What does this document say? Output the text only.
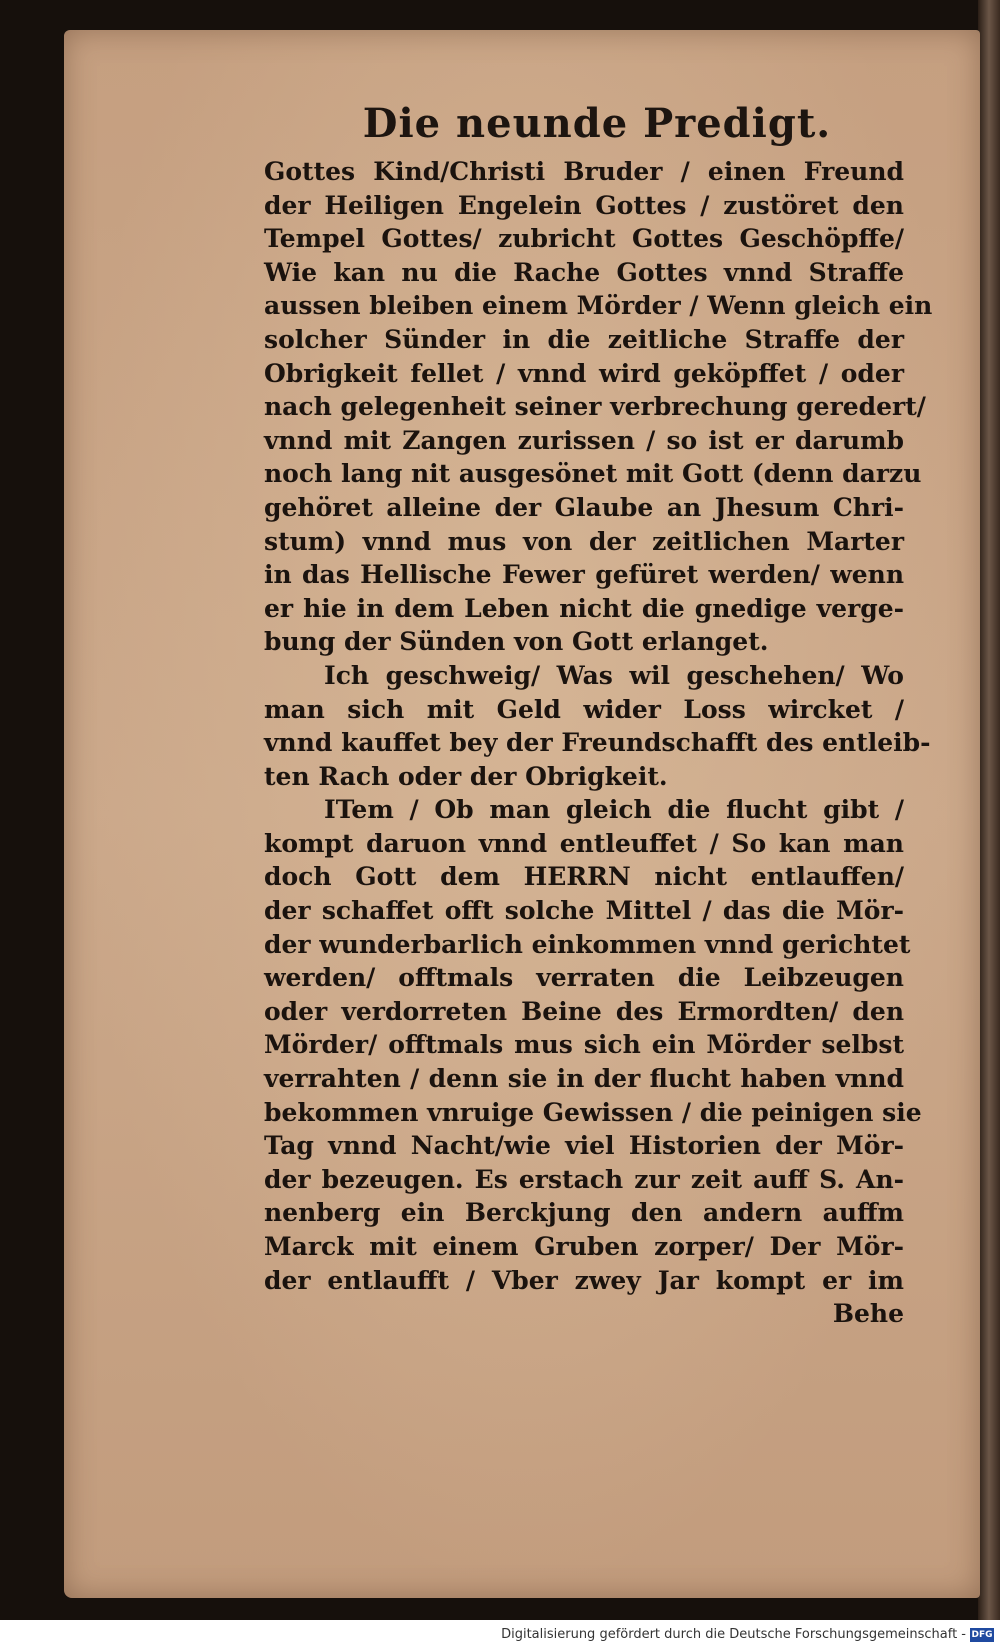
Die neunde Predigt.
Gottes Kind/Christi Bruder / einen Freund
der Heiligen Engelein Gottes / zustöret den
Tempel Gottes/ zubricht Gottes Geschöpffe/
Wie kan nu die Rache Gottes vnnd Straffe
aussen bleiben einem Mörder / Wenn gleich ein
solcher Sünder in die zeitliche Straffe der
Obrigkeit fellet / vnnd wird geköpffet / oder
nach gelegenheit seiner verbrechung geredert/
vnnd mit Zangen zurissen / so ist er darumb
noch lang nit ausgesönet mit Gott (denn darzu
gehöret alleine der Glaube an Jhesum Chri-
stum) vnnd mus von der zeitlichen Marter
in das Hellische Fewer gefüret werden/ wenn
er hie in dem Leben nicht die gnedige verge-
bung der Sünden von Gott erlanget.
Ich geschweig/ Was wil geschehen/ Wo
man sich mit Geld wider Loss wircket /
vnnd kauffet bey der Freundschafft des entleib-
ten Rach oder der Obrigkeit.
ITem / Ob man gleich die flucht gibt /
kompt daruon vnnd entleuffet / So kan man
doch Gott dem HERRN nicht entlauffen/
der schaffet offt solche Mittel / das die Mör-
der wunderbarlich einkommen vnnd gerichtet
werden/ offtmals verraten die Leibzeugen
oder verdorreten Beine des Ermordten/ den
Mörder/ offtmals mus sich ein Mörder selbst
verrahten / denn sie in der flucht haben vnnd
bekommen vnruige Gewissen / die peinigen sie
Tag vnnd Nacht/wie viel Historien der Mör-
der bezeugen. Es erstach zur zeit auff S. An-
nenberg ein Berckjung den andern auffm
Marck mit einem Gruben zorper/ Der Mör-
der entlaufft / Vber zwey Jar kompt er im
Behe
Digitalisierung gefördert durch die Deutsche Forschungsgemeinschaft - DFG
